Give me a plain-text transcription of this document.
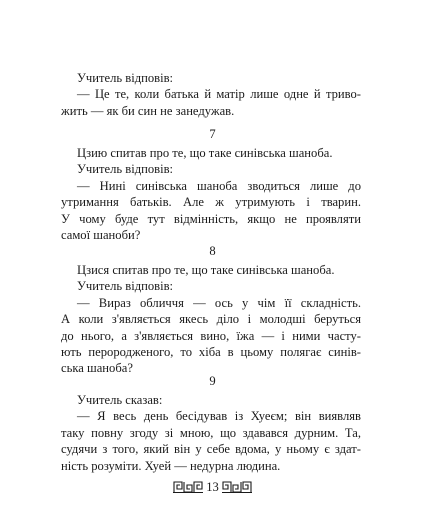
Учитель відповів:
— Це те, коли батька й матір лише одне й триво-
жить — як би син не занедужав.
7
Цзию спитав про те, що таке синівська шаноба.
Учитель відповів:
— Нині синівська шаноба зводиться лише до
утримання батьків. Але ж утримують і тварин.
У чому буде тут відмінність, якщо не проявляти
самої шаноби?
8
Цзися спитав про те, що таке синівська шаноба.
Учитель відповів:
— Вираз обличчя — ось у чім її складність.
А коли з'являється якесь діло і молодші беруться
до нього, а з'являється вино, їжа — і ними часту-
ють перородженого, то хіба в цьому полягає синів-
ська шаноба?
9
Учитель сказав:
— Я весь день бесідував із Хуеєм; він виявляв
таку повну згоду зі мною, що здавався дурним. Та,
судячи з того, який він у себе вдома, у ньому є здат-
ність розуміти. Хуей — недурна людина.
13
